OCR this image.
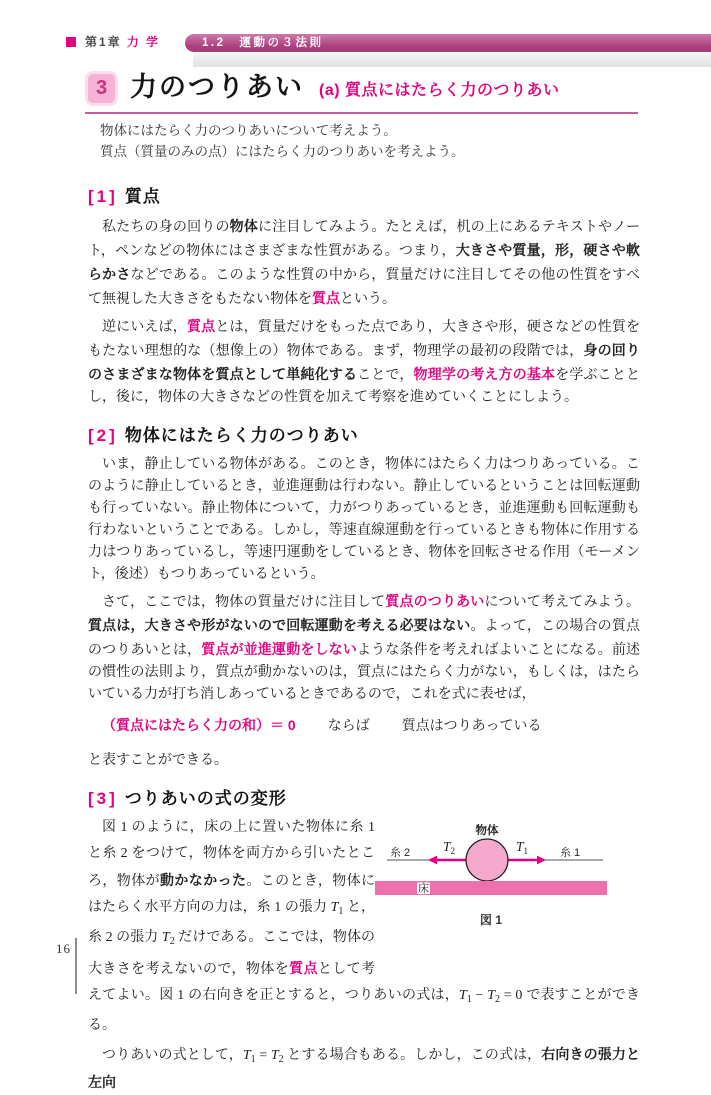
第1章 力 学	1.2　運動の３法則
3 力のつりあい (a) 質点にはたらく力のつりあい
物体にはたらく力のつりあいについて考えよう。
質点（質量のみの点）にはたらく力のつりあいを考えよう。
[ 1 ] 質点

私たちの身の回りの物体に注目してみよう。たとえば，机の上にあるテキストやノート，ペンなどの物体にはさまざまな性質がある。つまり，大きさや質量，形，硬さや軟らかさなどである。このような性質の中から，質量だけに注目してその他の性質をすべて無視した大きさをもたない物体を質点という。

逆にいえば，質点とは，質量だけをもった点であり，大きさや形，硬さなどの性質をもたない理想的な（想像上の）物体である。まず，物理学の最初の段階では，身の回りのさまざまな物体を質点として単純化することで，物理学の考え方の基本を学ぶこととし，後に，物体の大きさなどの性質を加えて考察を進めていくことにしよう。

[ 2 ] 物体にはたらく力のつりあい

いま，静止している物体がある。このとき，物体にはたらく力はつりあっている。このように静止しているとき，並進運動は行わない。静止しているということは回転運動も行っていない。静止物体について，力がつりあっているとき，並進運動も回転運動も行わないということである。しかし，等速直線運動を行っているときも物体に作用する力はつりあっているし，等速円運動をしているとき、物体を回転させる作用（モーメント，後述）もつりあっているという。

さて，ここでは，物体の質量だけに注目して質点のつりあいについて考えてみよう。質点は，大きさや形がないので回転運動を考える必要はない。よって，この場合の質点のつりあいとは，質点が並進運動をしないような条件を考えればよいことになる。前述の慣性の法則より，質点が動かないのは，質点にはたらく力がない，もしくは，はたらいている力が打ち消しあっているときであるので，これを式に表せば，

（質点にはたらく力の和）＝ 0 ならば 質点はつりあっている

と表すことができる。

[ 3 ] つりあいの式の変形
物体
$T_2$	$T_1$
糸 2	糸 1
床
図 1

図 1 のように，床の上に置いた物体に糸 1 と糸 2 をつけて，物体を両方から引いたところ，物体が動かなかった。このとき，物体にはたらく水平方向の力は，糸 1 の張力 $T_1$ と，糸 2 の張力 $T_2$ だけである。ここでは，物体の大きさを考えないので，物体を質点として考えてよい。図 1 の右向きを正とすると，つりあいの式は，$T_1 - T_2 = 0$ で表すことができる。

つりあいの式として，$T_1 = T_2$ とする場合もある。しかし，この式は，右向きの張力と左向

16
